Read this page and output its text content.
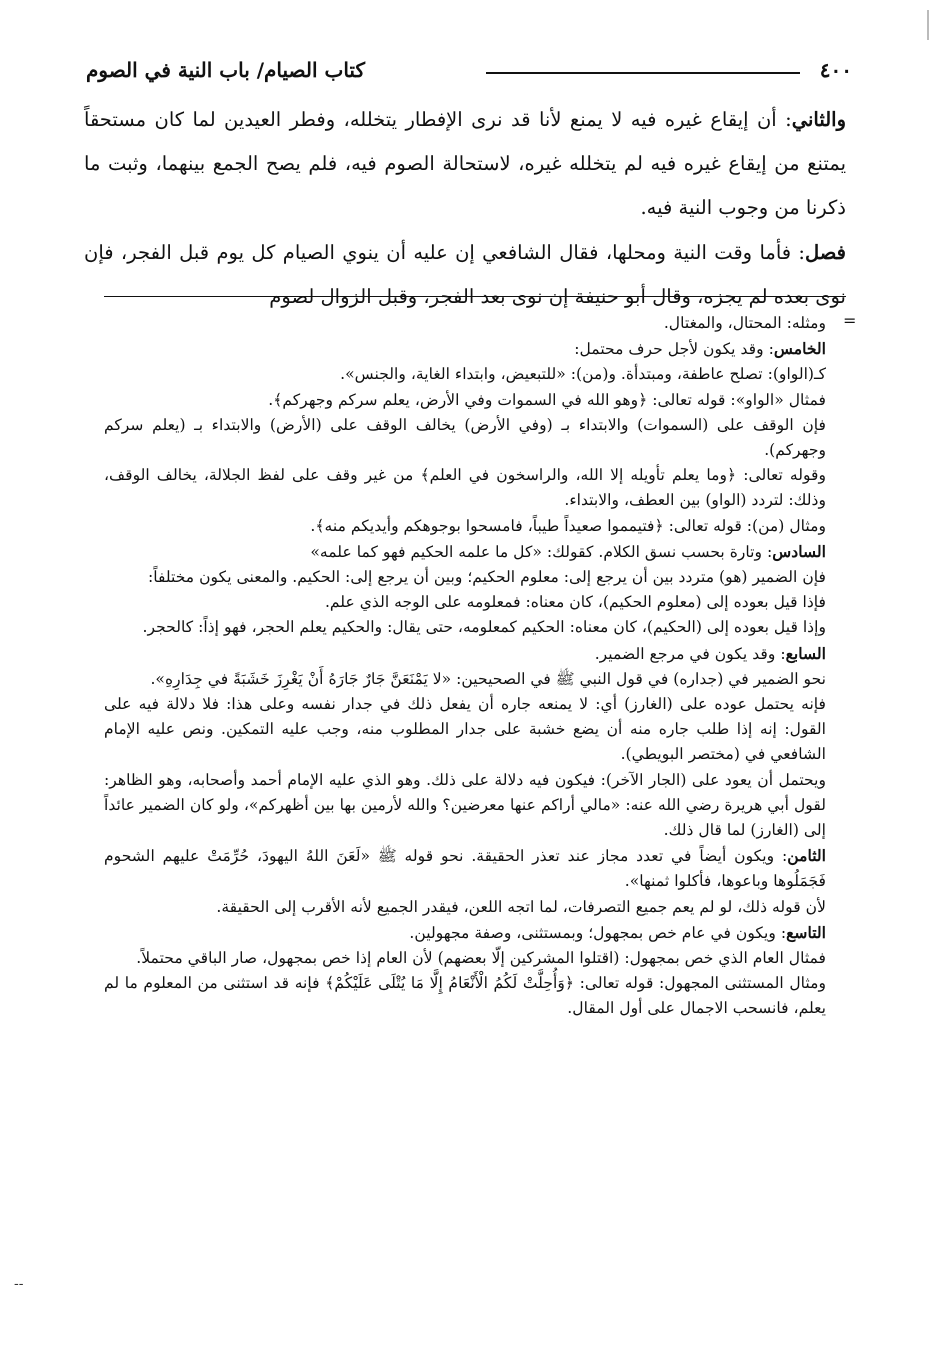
٤٠٠
كتاب الصيام/ باب النية في الصوم

والثاني: أن إيقاع غيره فيه لا يمنع لأنا قد نرى الإفطار يتخلله، وفطر العيدين لما كان مستحقاً يمتنع من إيقاع غيره فيه لم يتخلله غيره، لاستحالة الصوم فيه، فلم يصح الجمع بينهما، وثبت ما ذكرنا من وجوب النية فيه.

فصل: فأما وقت النية ومحلها، فقال الشافعي إن عليه أن ينوي الصيام كل يوم قبل الفجر، فإن نوى بعده لم يجزه، وقال أبو حنيفة إن نوى بعد الفجر، وقبل الزوال لصوم

=

ومثله: المحتال، والمغتال.

الخامس: وقد يكون لأجل حرف محتمل:

كـ(الواو): تصلح عاطفة، ومبتدأة. و(من): «للتبعيض، وابتداء الغاية، والجنس».

فمثال «الواو»: قوله تعالى: ﴿وهو الله في السموات وفي الأرض، يعلم سركم وجهركم﴾.

فإن الوقف على (السموات) والابتداء بـ (وفي الأرض) يخالف الوقف على (الأرض) والابتداء بـ (يعلم سركم وجهركم).

وقوله تعالى: ﴿وما يعلم تأويله إلا الله، والراسخون في العلم﴾ من غير وقف على لفظ الجلالة، يخالف الوقف، وذلك: لتردد (الواو) بين العطف، والابتداء.

ومثال (من): قوله تعالى: ﴿فتيمموا صعيداً طيباً، فامسحوا بوجوهكم وأيديكم منه﴾.

السادس: وتارة بحسب نسق الكلام. كقولك: «كل ما علمه الحكيم فهو كما علمه»

فإن الضمير (هو) متردد بين أن يرجع إلى: معلوم الحكيم؛ وبين أن يرجع إلى: الحكيم. والمعنى يكون مختلفاً:

فإذا قيل بعوده إلى (معلوم الحكيم)، كان معناه: فمعلومه على الوجه الذي علم.

وإذا قيل بعوده إلى (الحكيم)، كان معناه: الحكيم كمعلومه، حتى يقال: والحكيم يعلم الحجر، فهو إذاً: كالحجر.

السابع: وقد يكون في مرجع الضمير.

نحو الضمير في (جداره) في قول النبي ﷺ في الصحيحين: «لا يَمْنَعَنَّ جَارٌ جَارَهُ أَنْ يَغْرِزَ خَشَبَةً في جِدَارِهِ».

فإنه يحتمل عوده على (الغارز) أي: لا يمنعه جاره أن يفعل ذلك في جدار نفسه وعلى هذا: فلا دلالة فيه على القول: إنه إذا طلب جاره منه أن يضع خشبة على جدار المطلوب منه، وجب عليه التمكين. ونص عليه الإمام الشافعي في (مختصر البويطي).

ويحتمل أن يعود على (الجار الآخر): فيكون فيه دلالة على ذلك. وهو الذي عليه الإمام أحمد وأصحابه، وهو الظاهر: لقول أبي هريرة رضي الله عنه: «مالي أراكم عنها معرضين؟ والله لأرمين بها بين أظهركم»، ولو كان الضمير عائداً إلى (الغارز) لما قال ذلك.

الثامن: ويكون أيضاً في تعدد مجاز عند تعذر الحقيقة. نحو قوله ﷺ «لَعَنَ اللهُ اليهودَ، حُرِّمَتْ عليهم الشحوم فَجَمَلُوها وباعوها، فأكلوا ثمنها».

لأن قوله ذلك، لو لم يعم جميع التصرفات، لما اتجه اللعن، فيقدر الجميع لأنه الأقرب إلى الحقيقة.

التاسع: ويكون في عام خص بمجهول؛ وبمستثنى، وصفة مجهولين.

فمثال العام الذي خص بمجهول: (اقتلوا المشركين إلّا بعضهم) لأن العام إذا خص بمجهول، صار الباقي محتملاً.

ومثال المستثنى المجهول: قوله تعالى: ﴿وَأُحِلَّتْ لَكُمُ الْأَنْعَامُ إِلَّا مَا يُتْلَى عَلَيْكُمْ﴾ فإنه قد استثنى من المعلوم ما لم يعلم، فانسحب الاجمال على أول المقال.

--
